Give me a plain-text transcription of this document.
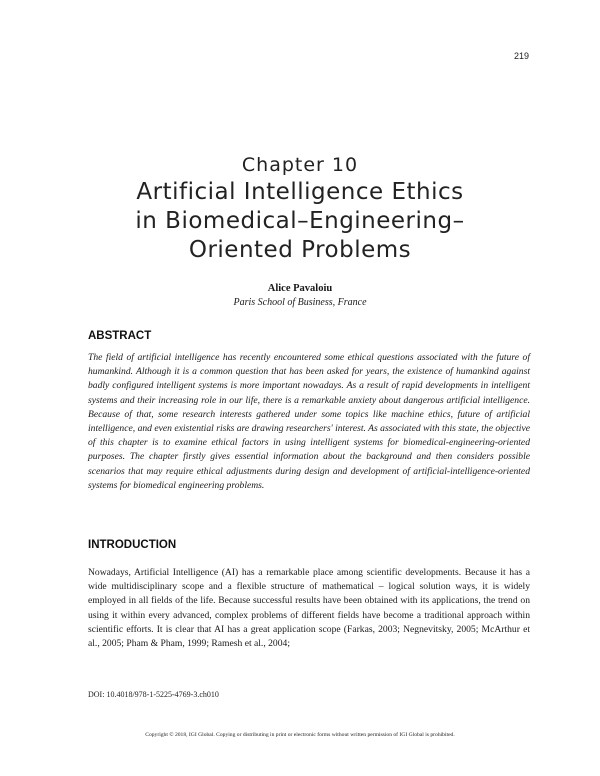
219
Chapter 10
Artificial Intelligence Ethics
in Biomedical–Engineering–
Oriented Problems
Alice Pavaloiu
Paris School of Business, France
ABSTRACT

The field of artificial intelligence has recently encountered some ethical questions associated with the future of humankind. Although it is a common question that has been asked for years, the existence of humankind against badly configured intelligent systems is more important nowadays. As a result of rapid developments in intelligent systems and their increasing role in our life, there is a remarkable anxiety about dangerous artificial intelligence. Because of that, some research interests gathered under some topics like machine ethics, future of artificial intelligence, and even existential risks are drawing researchers' interest. As associated with this state, the objective of this chapter is to examine ethical factors in using intelligent systems for biomedical-engineering-oriented purposes. The chapter firstly gives essential information about the background and then considers possible scenarios that may require ethical adjustments during design and development of artificial-intelligence-oriented systems for biomedical engineering problems.

INTRODUCTION

Nowadays, Artificial Intelligence (AI) has a remarkable place among scientific developments. Because it has a wide multidisciplinary scope and a flexible structure of mathematical – logical solution ways, it is widely employed in all fields of the life. Because successful results have been obtained with its applications, the trend on using it within every advanced, complex problems of different fields have become a traditional approach within scientific efforts. It is clear that AI has a great application scope (Farkas, 2003; Negnevitsky, 2005; McArthur et al., 2005; Pham & Pham, 1999; Ramesh et al., 2004;

DOI: 10.4018/978-1-5225-4769-3.ch010
Copyright © 2018, IGI Global. Copying or distributing in print or electronic forms without written permission of IGI Global is prohibited.
